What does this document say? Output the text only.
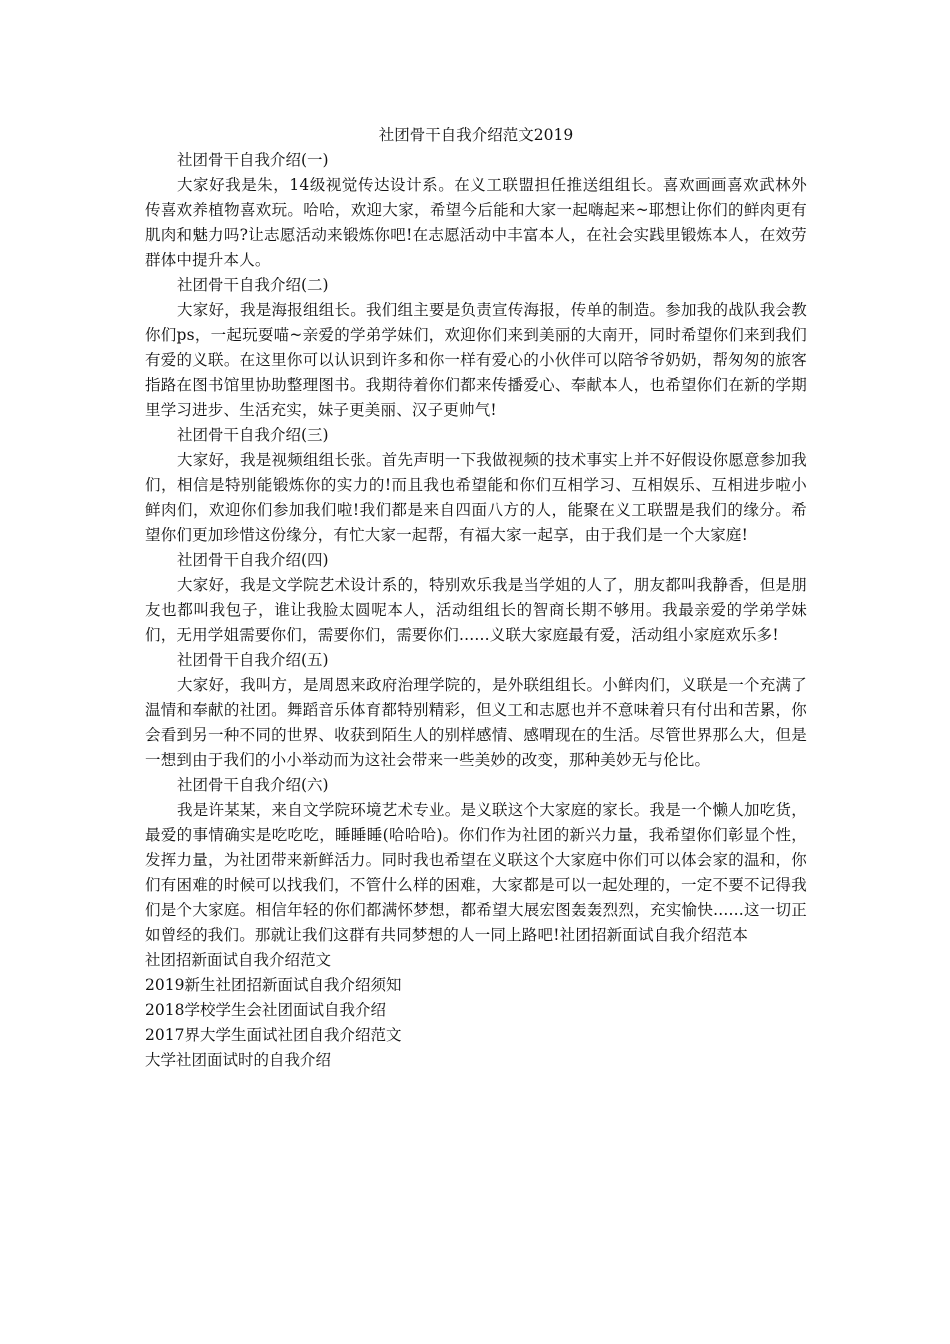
社团骨干自我介绍范文2019

社团骨干自我介绍(一)

大家好我是朱，14级视觉传达设计系。在义工联盟担任推送组组长。喜欢画画喜欢武林外传喜欢养植物喜欢玩。哈哈，欢迎大家，希望今后能和大家一起嗨起来~耶想让你们的鲜肉更有肌肉和魅力吗?让志愿活动来锻炼你吧!在志愿活动中丰富本人，在社会实践里锻炼本人，在效劳群体中提升本人。

社团骨干自我介绍(二)

大家好，我是海报组组长。我们组主要是负责宣传海报，传单的制造。参加我的战队我会教你们ps，一起玩耍喵~亲爱的学弟学妹们，欢迎你们来到美丽的大南开，同时希望你们来到我们有爱的义联。在这里你可以认识到许多和你一样有爱心的小伙伴可以陪爷爷奶奶，帮匆匆的旅客指路在图书馆里协助整理图书。我期待着你们都来传播爱心、奉献本人，也希望你们在新的学期里学习进步、生活充实，妹子更美丽、汉子更帅气!

社团骨干自我介绍(三)

大家好，我是视频组组长张。首先声明一下我做视频的技术事实上并不好假设你愿意参加我们，相信是特别能锻炼你的实力的!而且我也希望能和你们互相学习、互相娱乐、互相进步啦小鲜肉们，欢迎你们参加我们啦!我们都是来自四面八方的人，能聚在义工联盟是我们的缘分。希望你们更加珍惜这份缘分，有忙大家一起帮，有福大家一起享，由于我们是一个大家庭!

社团骨干自我介绍(四)

大家好，我是文学院艺术设计系的，特别欢乐我是当学姐的人了，朋友都叫我静香，但是朋友也都叫我包子，谁让我脸太圆呢本人，活动组组长的智商长期不够用。我最亲爱的学弟学妹们，无用学姐需要你们，需要你们，需要你们......义联大家庭最有爱，活动组小家庭欢乐多!

社团骨干自我介绍(五)

大家好，我叫方，是周恩来政府治理学院的，是外联组组长。小鲜肉们，义联是一个充满了温情和奉献的社团。舞蹈音乐体育都特别精彩，但义工和志愿也并不意味着只有付出和苦累，你会看到另一种不同的世界、收获到陌生人的别样感情、感喟现在的生活。尽管世界那么大，但是一想到由于我们的小小举动而为这社会带来一些美妙的改变，那种美妙无与伦比。

社团骨干自我介绍(六)

我是许某某，来自文学院环境艺术专业。是义联这个大家庭的家长。我是一个懒人加吃货，最爱的事情确实是吃吃吃，睡睡睡(哈哈哈)。你们作为社团的新兴力量，我希望你们彰显个性，发挥力量，为社团带来新鲜活力。同时我也希望在义联这个大家庭中你们可以体会家的温和，你们有困难的时候可以找我们，不管什么样的困难，大家都是可以一起处理的，一定不要不记得我们是个大家庭。相信年轻的你们都满怀梦想，都希望大展宏图轰轰烈烈，充实愉快......这一切正如曾经的我们。那就让我们这群有共同梦想的人一同上路吧!社团招新面试自我介绍范本

社团招新面试自我介绍范文
2019新生社团招新面试自我介绍须知
2018学校学生会社团面试自我介绍
2017界大学生面试社团自我介绍范文
大学社团面试时的自我介绍
